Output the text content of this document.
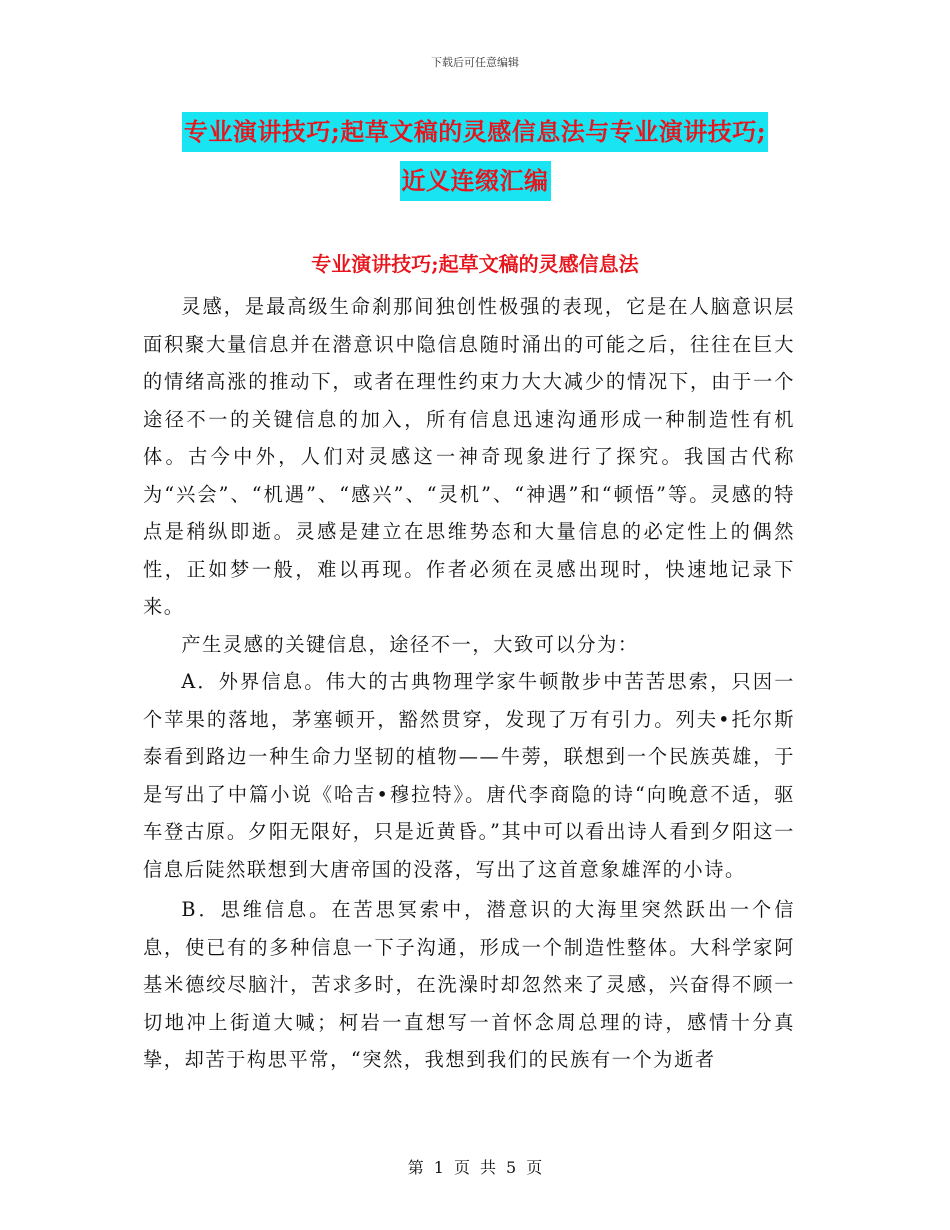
下载后可任意编辑
专业演讲技巧;起草文稿的灵感信息法与专业演讲技巧;
近义连缀汇编
专业演讲技巧;起草文稿的灵感信息法

灵感，是最高级生命刹那间独创性极强的表现，它是在人脑意识层面积聚大量信息并在潜意识中隐信息随时涌出的可能之后，往往在巨大的情绪高涨的推动下，或者在理性约束力大大减少的情况下，由于一个途径不一的关键信息的加入，所有信息迅速沟通形成一种制造性有机体。古今中外，人们对灵感这一神奇现象进行了探究。我国古代称为“兴会”、“机遇”、“感兴”、“灵机”、“神遇”和“顿悟”等。灵感的特点是稍纵即逝。灵感是建立在思维势态和大量信息的必定性上的偶然性，正如梦一般，难以再现。作者必须在灵感出现时，快速地记录下来。

产生灵感的关键信息，途径不一，大致可以分为：

A．外界信息。伟大的古典物理学家牛顿散步中苦苦思索，只因一个苹果的落地，茅塞顿开，豁然贯穿，发现了万有引力。列夫•托尔斯泰看到路边一种生命力坚韧的植物——牛蒡，联想到一个民族英雄，于是写出了中篇小说《哈吉•穆拉特》。唐代李商隐的诗“向晚意不适，驱车登古原。夕阳无限好，只是近黄昏。”其中可以看出诗人看到夕阳这一信息后陡然联想到大唐帝国的没落，写出了这首意象雄浑的小诗。

B．思维信息。在苦思冥索中，潜意识的大海里突然跃出一个信息，使已有的多种信息一下子沟通，形成一个制造性整体。大科学家阿基米德绞尽脑汁，苦求多时，在洗澡时却忽然来了灵感，兴奋得不顾一切地冲上街道大喊；柯岩一直想写一首怀念周总理的诗，感情十分真挚，却苦于构思平常，“突然，我想到我们的民族有一个为逝者

第 1 页 共 5 页
